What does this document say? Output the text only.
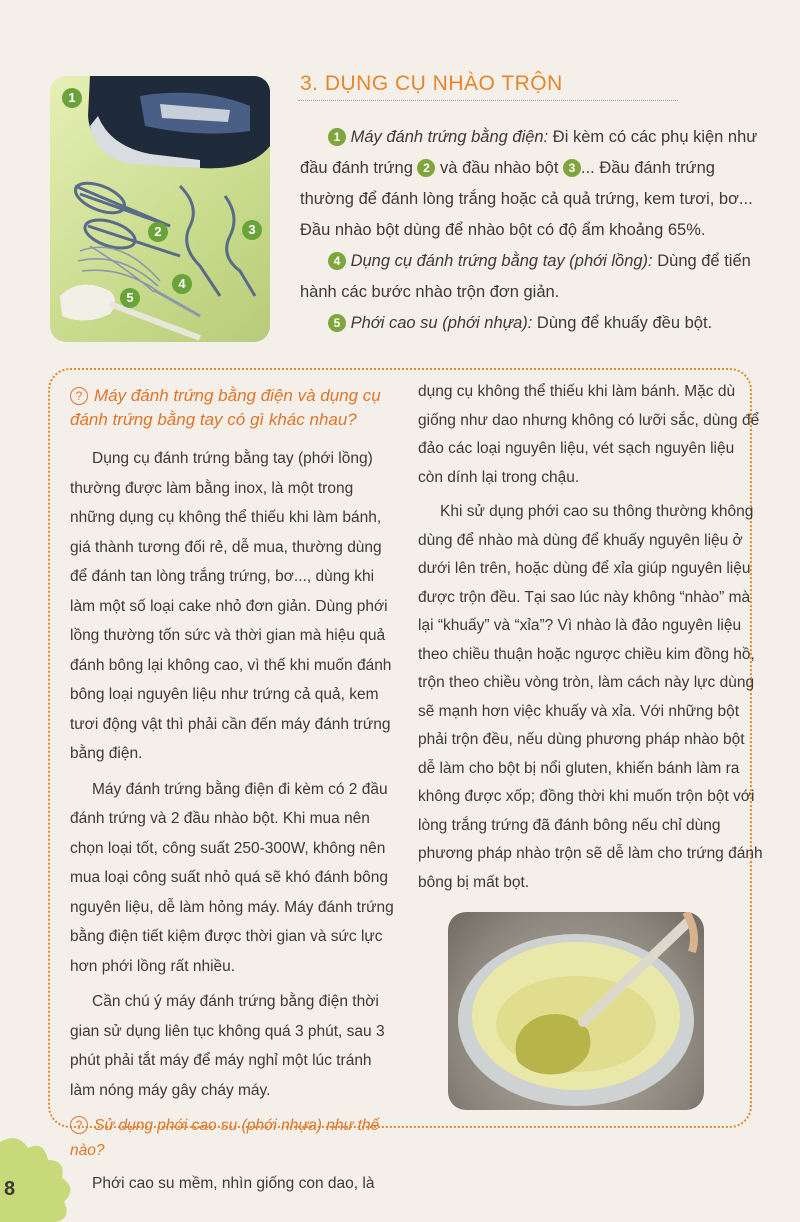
1
2	3
4
5
3. DỤNG CỤ NHÀO TRỘN

1 Máy đánh trứng bằng điện: Đi kèm có các phụ kiện như đầu đánh trứng 2 và đầu nhào bột 3 ... Đầu đánh trứng thường để đánh lòng trắng hoặc cả quả trứng, kem tươi, bơ... Đầu nhào bột dùng để nhào bột có độ ẩm khoảng 65%.

4 Dụng cụ đánh trứng bằng tay (phới lồng): Dùng để tiến hành các bước nhào trộn đơn giản.

5 Phới cao su (phới nhựa): Dùng để khuấy đều bột.

? Máy đánh trứng bằng điện và dụng cụ đánh trứng bằng tay có gì khác nhau?

Dụng cụ đánh trứng bằng tay (phới lồng) thường được làm bằng inox, là một trong những dụng cụ không thể thiếu khi làm bánh, giá thành tương đối rẻ, dễ mua, thường dùng để đánh tan lòng trắng trứng, bơ..., dùng khi làm một số loại cake nhỏ đơn giản. Dùng phới lồng thường tốn sức và thời gian mà hiệu quả đánh bông lại không cao, vì thế khi muốn đánh bông loại nguyên liệu như trứng cả quả, kem tươi động vật thì phải cần đến máy đánh trứng bằng điện.

Máy đánh trứng bằng điện đi kèm có 2 đầu đánh trứng và 2 đầu nhào bột. Khi mua nên chọn loại tốt, công suất 250-300W, không nên mua loại công suất nhỏ quá sẽ khó đánh bông nguyên liệu, dễ làm hỏng máy. Máy đánh trứng bằng điện tiết kiệm được thời gian và sức lực hơn phới lồng rất nhiều.

Cần chú ý máy đánh trứng bằng điện thời gian sử dụng liên tục không quá 3 phút, sau 3 phút phải tắt máy để máy nghỉ một lúc tránh làm nóng máy gây cháy máy.

? Sử dụng phới cao su (phới nhựa) như thế nào?

Phới cao su mềm, nhìn giống con dao, là

dụng cụ không thể thiếu khi làm bánh. Mặc dù giống như dao nhưng không có lưỡi sắc, dùng để đảo các loại nguyên liệu, vét sạch nguyên liệu còn dính lại trong chậu.

Khi sử dụng phới cao su thông thường không dùng để nhào mà dùng để khuấy nguyên liệu ở dưới lên trên, hoặc dùng để xỉa giúp nguyên liệu được trộn đều. Tại sao lúc này không “nhào” mà lại “khuấy” và “xỉa”? Vì nhào là đảo nguyên liệu theo chiều thuận hoặc ngược chiều kim đồng hồ, trộn theo chiều vòng tròn, làm cách này lực dùng sẽ mạnh hơn việc khuấy và xỉa. Với những bột phải trộn đều, nếu dùng phương pháp nhào bột dễ làm cho bột bị nổi gluten, khiến bánh làm ra không được xốp; đồng thời khi muốn trộn bột với lòng trắng trứng đã đánh bông nếu chỉ dùng phương pháp nhào trộn sẽ dễ làm cho trứng đánh bông bị mất bọt.

8
